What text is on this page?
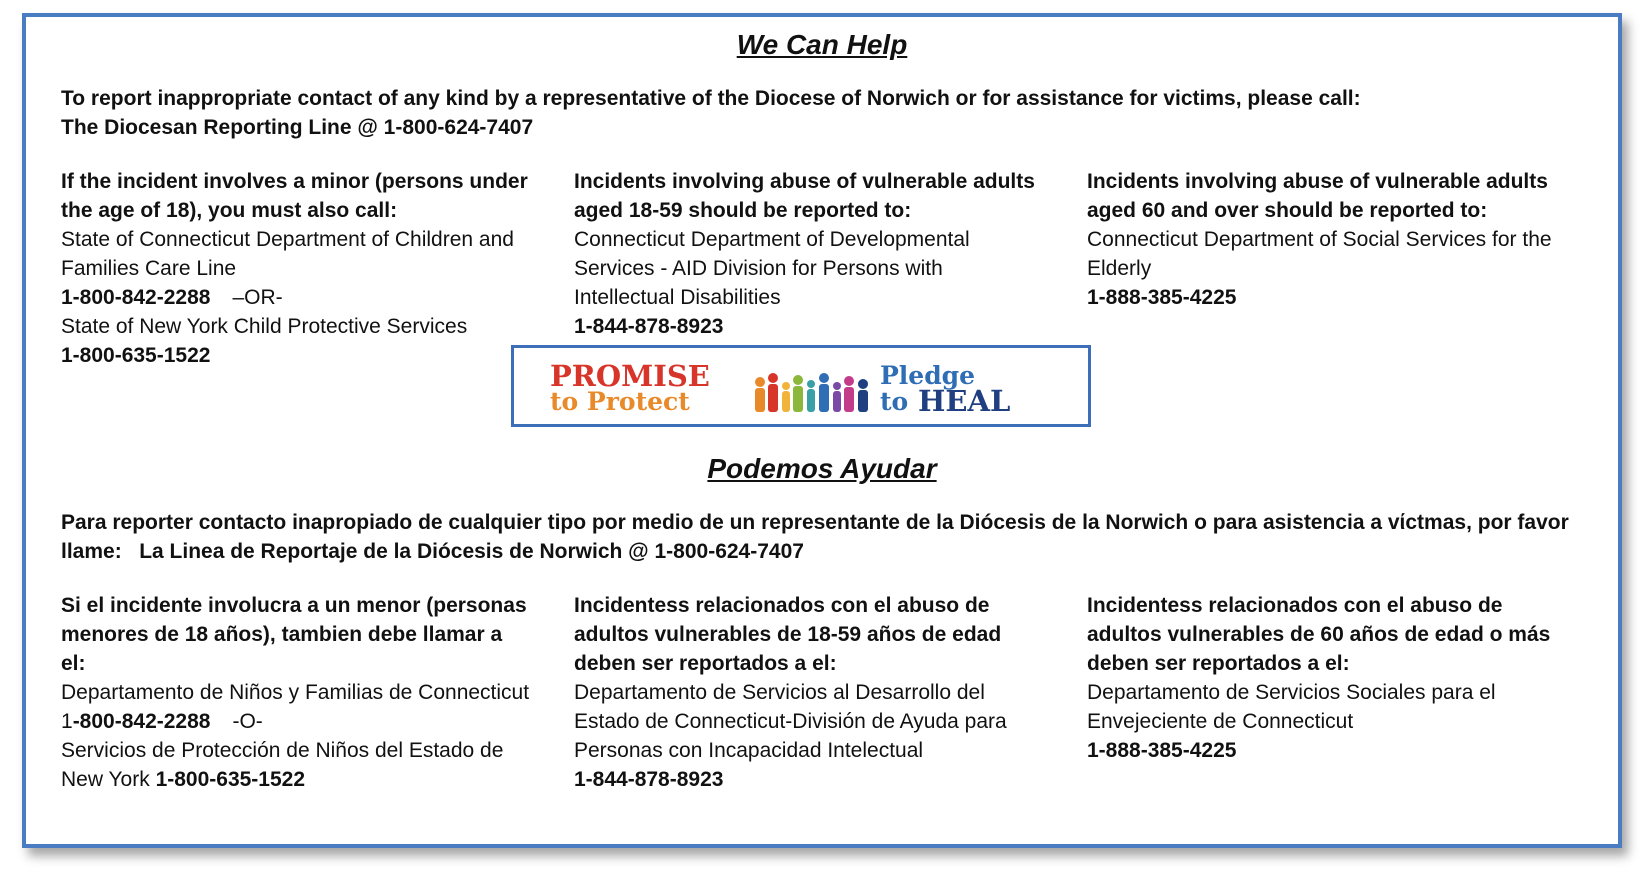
We Can Help
To report inappropriate contact of any kind by a representative of the Diocese of Norwich or for assistance for victims, please call:
The Diocesan Reporting Line @ 1-800-624-7407
If the incident involves a minor (persons under the age of 18), you must also call:
State of Connecticut Department of Children and Families Care Line
1-800-842-2288 –OR-
State of New York Child Protective Services
1-800-635-1522
Incidents involving abuse of vulnerable adults aged 18-59 should be reported to:
Connecticut Department of Developmental Services - AID Division for Persons with Intellectual Disabilities
1-844-878-8923
Incidents involving abuse of vulnerable adults aged 60 and over should be reported to:
Connecticut Department of Social Services for the Elderly
1-888-385-4225
Podemos Ayudar
Para reporter contacto inapropiado de cualquier tipo por medio de un representante de la Diócesis de la Norwich o para asistencia a vίctmas, por favor
llame:   La Linea de Reportaje de la Diócesis de Norwich @ 1-800-624-7407
Si el incidente involucra a un menor (personas menores de 18 años), tambien debe llamar a el:
Departamento de Niños y Familias de Connecticut 1-800-842-2288 -O-
Servicios de Protección de Niños del Estado de New York 1-800-635-1522
Incidentess relacionados con el abuso de adultos vulnerables de 18-59 años de edad deben ser reportados a el:
Departamento de Servicios al Desarrollo del Estado de Connecticut-División de Ayuda para Personas con Incapacidad Intelectual
1-844-878-8923
Incidentess relacionados con el abuso de adultos vulnerables de 60 años de edad o más deben ser reportados a el:
Departamento de Servicios Sociales para el Envejeciente de Connecticut
1-888-385-4225
PROMISE
to Protect
Pledge
to HEAL
